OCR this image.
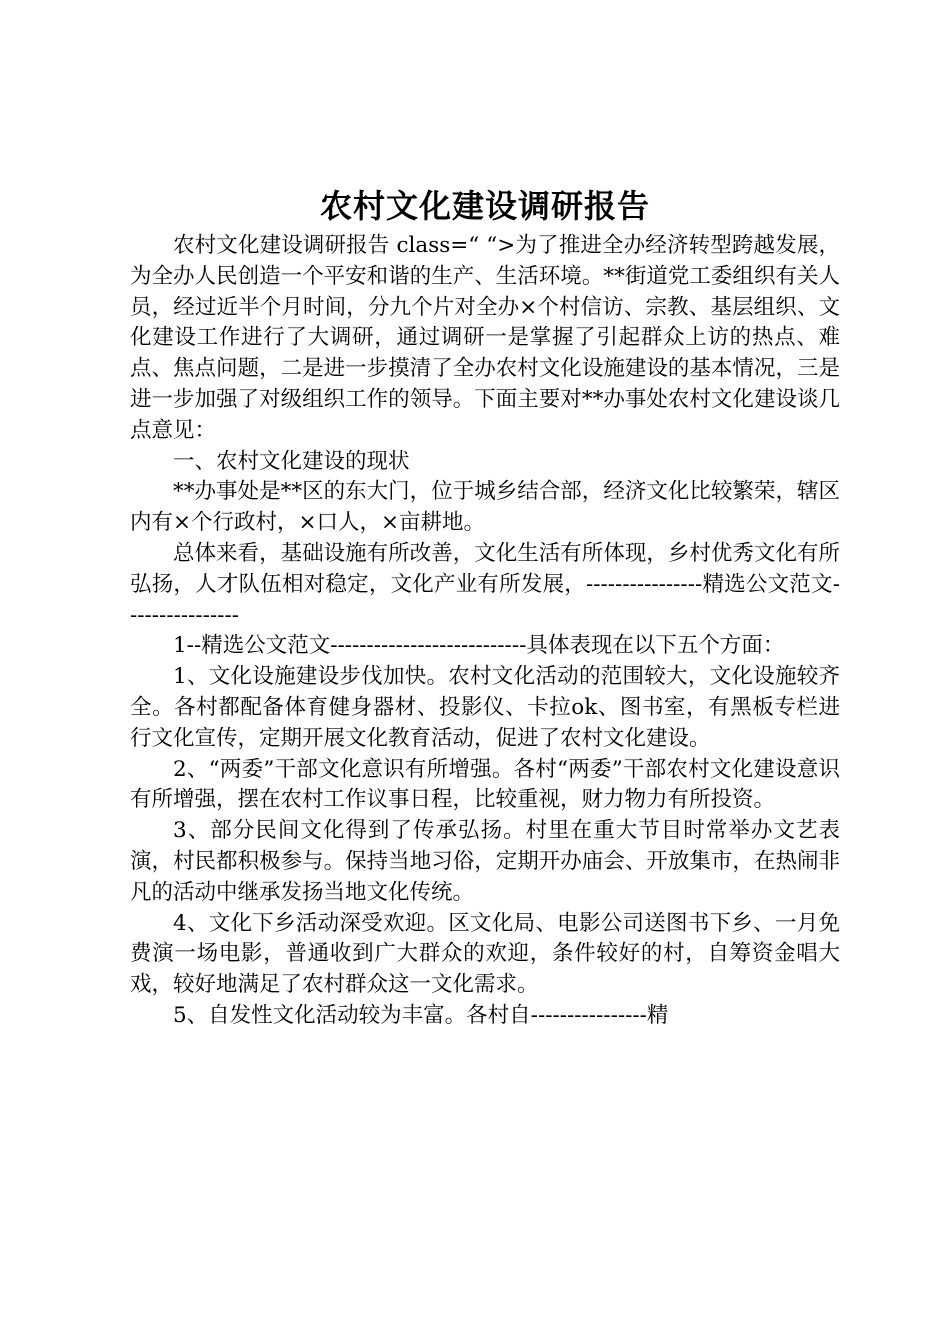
农村文化建设调研报告

农村文化建设调研报告 class=“ “>为了推进全办经济转型跨越发展，为全办人民创造一个平安和谐的生产、生活环境。**街道党工委组织有关人员，经过近半个月时间，分九个片对全办×个村信访、宗教、基层组织、文化建设工作进行了大调研，通过调研一是掌握了引起群众上访的热点、难点、焦点问题，二是进一步摸清了全办农村文化设施建设的基本情况，三是进一步加强了对级组织工作的领导。下面主要对**办事处农村文化建设谈几点意见：

一、农村文化建设的现状

**办事处是**区的东大门，位于城乡结合部，经济文化比较繁荣，辖区内有×个行政村，×口人，×亩耕地。

总体来看，基础设施有所改善，文化生活有所体现，乡村优秀文化有所弘扬，人才队伍相对稳定，文化产业有所发展，----------------精选公文范文----------------

1--精选公文范文---------------------------具体表现在以下五个方面：

1、文化设施建设步伐加快。农村文化活动的范围较大，文化设施较齐全。各村都配备体育健身器材、投影仪、卡拉ok、图书室，有黑板专栏进行文化宣传，定期开展文化教育活动，促进了农村文化建设。

2、“两委”干部文化意识有所增强。各村“两委”干部农村文化建设意识有所增强，摆在农村工作议事日程，比较重视，财力物力有所投资。

3、部分民间文化得到了传承弘扬。村里在重大节目时常举办文艺表演，村民都积极参与。保持当地习俗，定期开办庙会、开放集市，在热闹非凡的活动中继承发扬当地文化传统。

4、文化下乡活动深受欢迎。区文化局、电影公司送图书下乡、一月免费演一场电影，普通收到广大群众的欢迎，条件较好的村，自筹资金唱大戏，较好地满足了农村群众这一文化需求。

5、自发性文化活动较为丰富。各村自----------------精
